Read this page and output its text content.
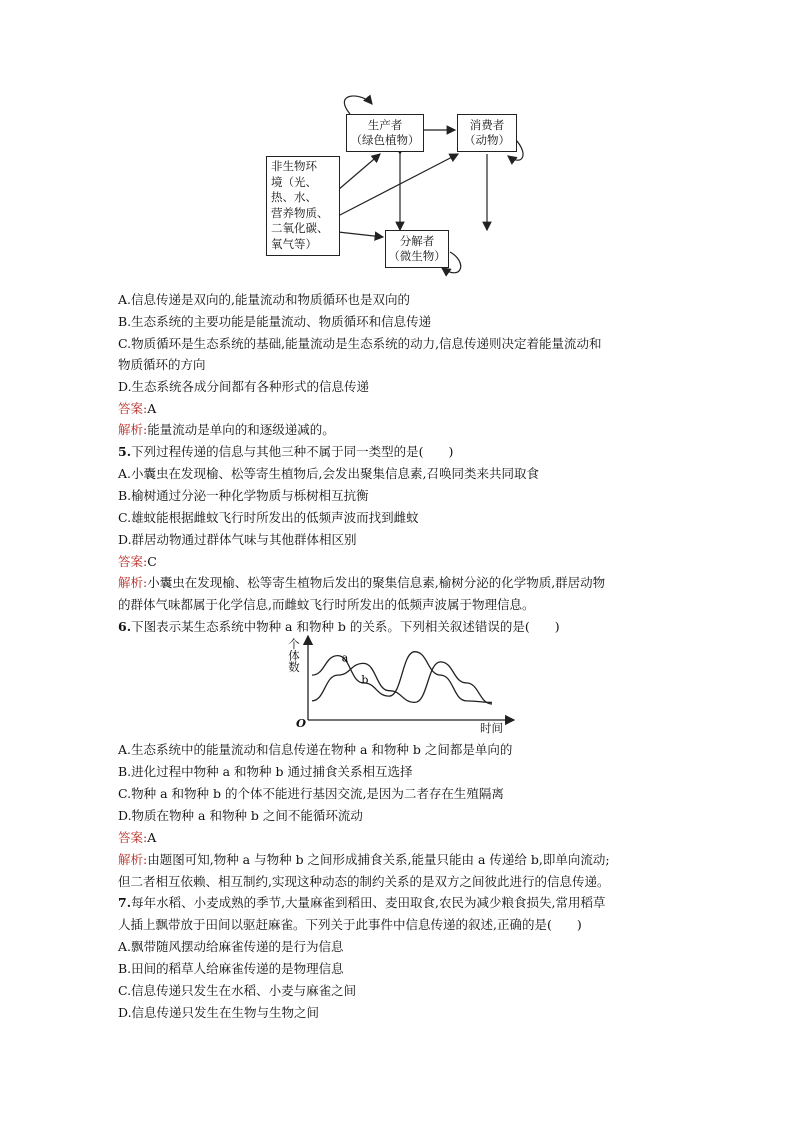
生产者
（绿色植物）
消费者
（动物）
分解者
（微生物）
非生物环
境（光、
热、水、
营养物质、
二氧化碳、
氧气等）
A.信息传递是双向的,能量流动和物质循环也是双向的
B.生态系统的主要功能是能量流动、物质循环和信息传递
C.物质循环是生态系统的基础,能量流动是生态系统的动力,信息传递则决定着能量流动和
物质循环的方向
D.生态系统各成分间都有各种形式的信息传递
答案:A
解析:能量流动是单向的和逐级递减的。
5.下列过程传递的信息与其他三种不属于同一类型的是(　　)
A.小囊虫在发现榆、松等寄生植物后,会发出聚集信息素,召唤同类来共同取食
B.榆树通过分泌一种化学物质与栎树相互抗衡
C.雄蚊能根据雌蚊飞行时所发出的低频声波而找到雌蚊
D.群居动物通过群体气味与其他群体相区别
答案:C
解析:小囊虫在发现榆、松等寄生植物后发出的聚集信息素,榆树分泌的化学物质,群居动物
的群体气味都属于化学信息,而雌蚊飞行时所发出的低频声波属于物理信息。
6.下图表示某生态系统中物种 a 和物种 b 的关系。下列相关叙述错误的是(　　)
a
b
个体数
时间
O
A.生态系统中的能量流动和信息传递在物种 a 和物种 b 之间都是单向的
B.进化过程中物种 a 和物种 b 通过捕食关系相互选择
C.物种 a 和物种 b 的个体不能进行基因交流,是因为二者存在生殖隔离
D.物质在物种 a 和物种 b 之间不能循环流动
答案:A
解析:由题图可知,物种 a 与物种 b 之间形成捕食关系,能量只能由 a 传递给 b,即单向流动;
但二者相互依赖、相互制约,实现这种动态的制约关系的是双方之间彼此进行的信息传递。
7.每年水稻、小麦成熟的季节,大量麻雀到稻田、麦田取食,农民为减少粮食损失,常用稻草
人插上飘带放于田间以驱赶麻雀。下列关于此事件中信息传递的叙述,正确的是(　　)
A.飘带随风摆动给麻雀传递的是行为信息
B.田间的稻草人给麻雀传递的是物理信息
C.信息传递只发生在水稻、小麦与麻雀之间
D.信息传递只发生在生物与生物之间
